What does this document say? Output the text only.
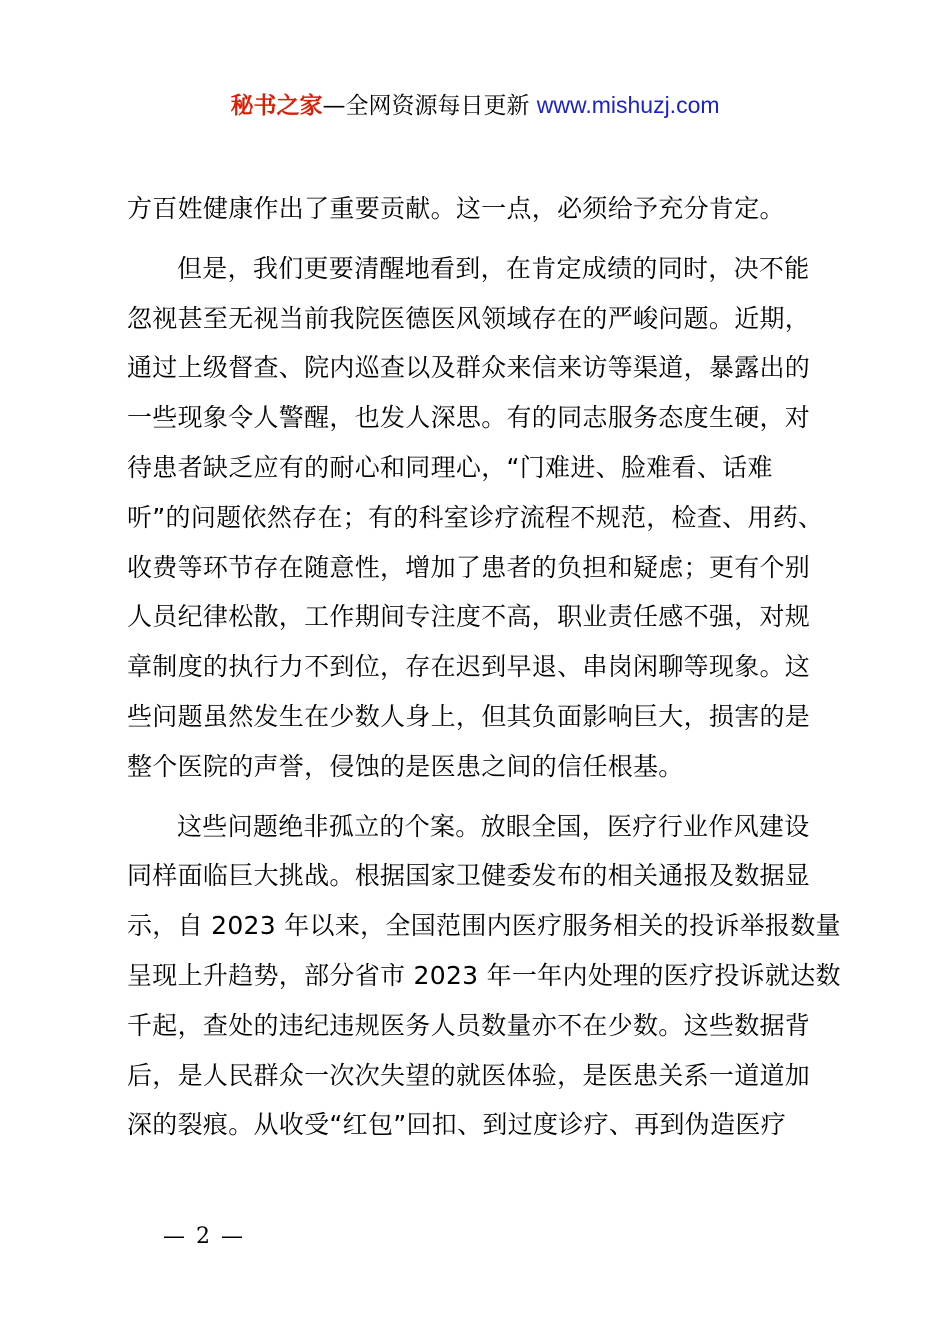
秘书之家—全网资源每日更新 www.mishuzj.com

方百姓健康作出了重要贡献。这一点，必须给予充分肯定。

但是，我们更要清醒地看到，在肯定成绩的同时，决不能
忽视甚至无视当前我院医德医风领域存在的严峻问题。近期，
通过上级督查、院内巡查以及群众来信来访等渠道，暴露出的
一些现象令人警醒，也发人深思。有的同志服务态度生硬，对
待患者缺乏应有的耐心和同理心，“门难进、脸难看、话难
听”的问题依然存在；有的科室诊疗流程不规范，检查、用药、
收费等环节存在随意性，增加了患者的负担和疑虑；更有个别
人员纪律松散，工作期间专注度不高，职业责任感不强，对规
章制度的执行力不到位，存在迟到早退、串岗闲聊等现象。这
些问题虽然发生在少数人身上，但其负面影响巨大，损害的是
整个医院的声誉，侵蚀的是医患之间的信任根基。

这些问题绝非孤立的个案。放眼全国，医疗行业作风建设
同样面临巨大挑战。根据国家卫健委发布的相关通报及数据显
示，自 2023 年以来，全国范围内医疗服务相关的投诉举报数量
呈现上升趋势，部分省市 2023 年一年内处理的医疗投诉就达数
千起，查处的违纪违规医务人员数量亦不在少数。这些数据背
后，是人民群众一次次失望的就医体验，是医患关系一道道加
深的裂痕。从收受“红包”回扣、到过度诊疗、再到伪造医疗

— 2 —
